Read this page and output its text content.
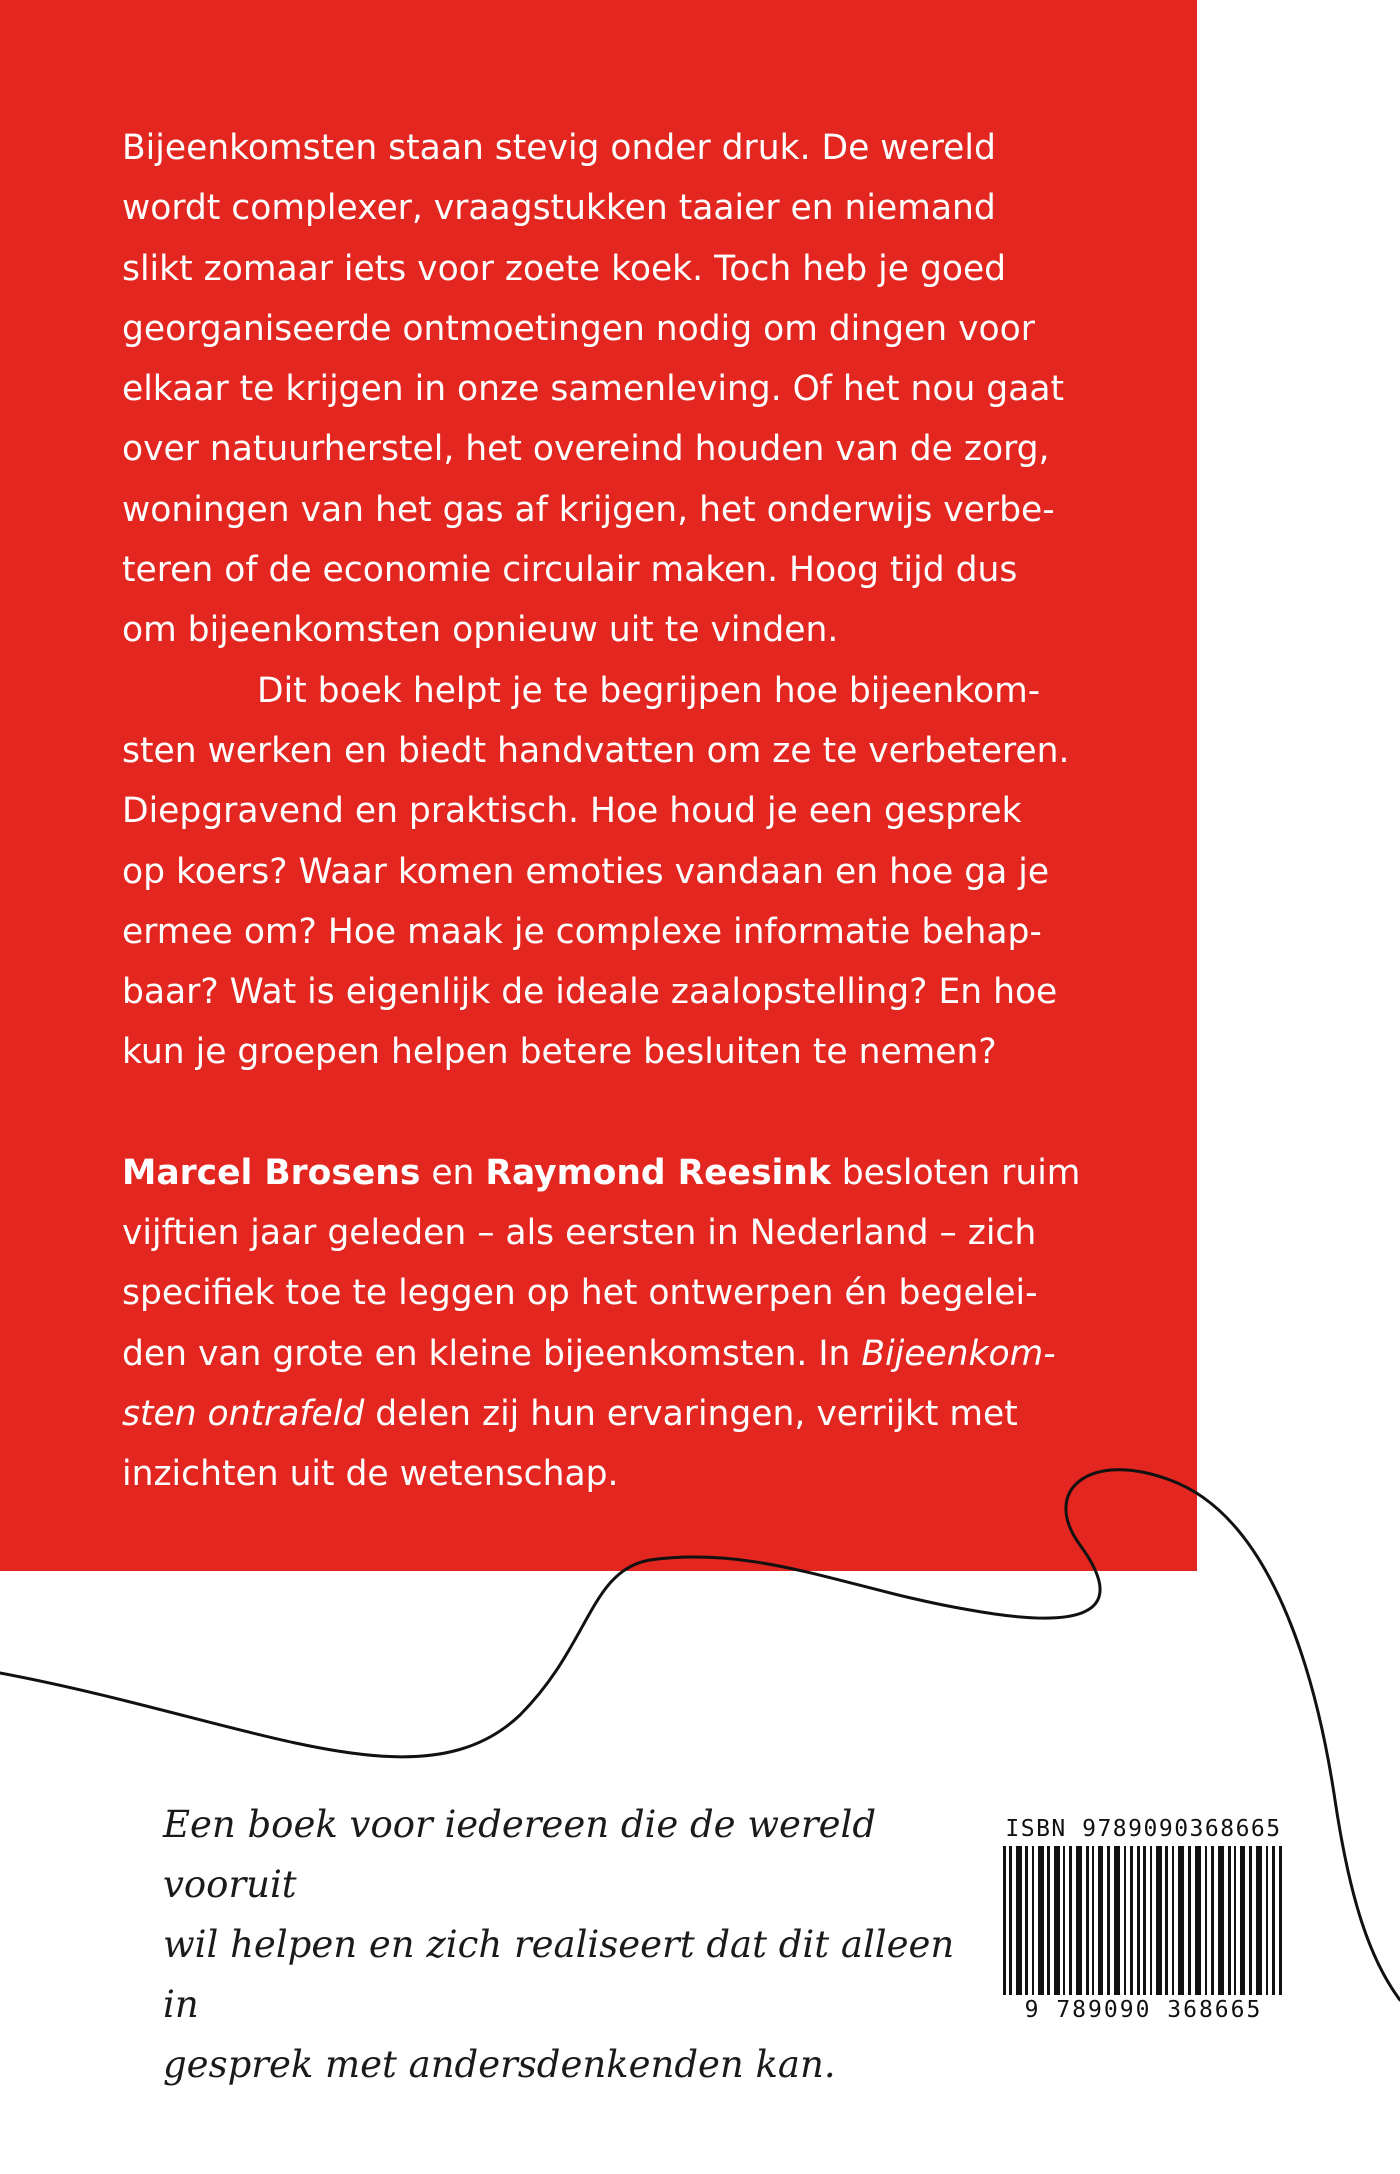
Bijeenkomsten staan stevig onder druk. De wereld
wordt complexer, vraagstukken taaier en niemand
slikt zomaar iets voor zoete koek. Toch heb je goed
georganiseerde ontmoetingen nodig om dingen voor
elkaar te krijgen in onze samenleving. Of het nou gaat
over natuurherstel, het overeind houden van de zorg,
woningen van het gas af krijgen, het onderwijs verbe-
teren of de economie circulair maken. Hoog tijd dus
om bijeenkomsten opnieuw uit te vinden.

Dit boek helpt je te begrijpen hoe bijeenkom-
sten werken en biedt handvatten om ze te verbeteren.
Diepgravend en praktisch. Hoe houd je een gesprek
op koers? Waar komen emoties vandaan en hoe ga je
ermee om? Hoe maak je complexe informatie behap-
baar? Wat is eigenlijk de ideale zaalopstelling? En hoe
kun je groepen helpen betere besluiten te nemen?

Marcel Brosens en Raymond Reesink besloten ruim
vijftien jaar geleden – als eersten in Nederland – zich
specifiek toe te leggen op het ontwerpen én begelei-
den van grote en kleine bijeenkomsten. In Bijeenkom-
sten ontrafeld delen zij hun ervaringen, verrijkt met
inzichten uit de wetenschap.

Een boek voor iedereen die de wereld vooruit
wil helpen en zich realiseert dat dit alleen in
gesprek met andersdenkenden kan.

ISBN 9789090368665
9 789090 368665
